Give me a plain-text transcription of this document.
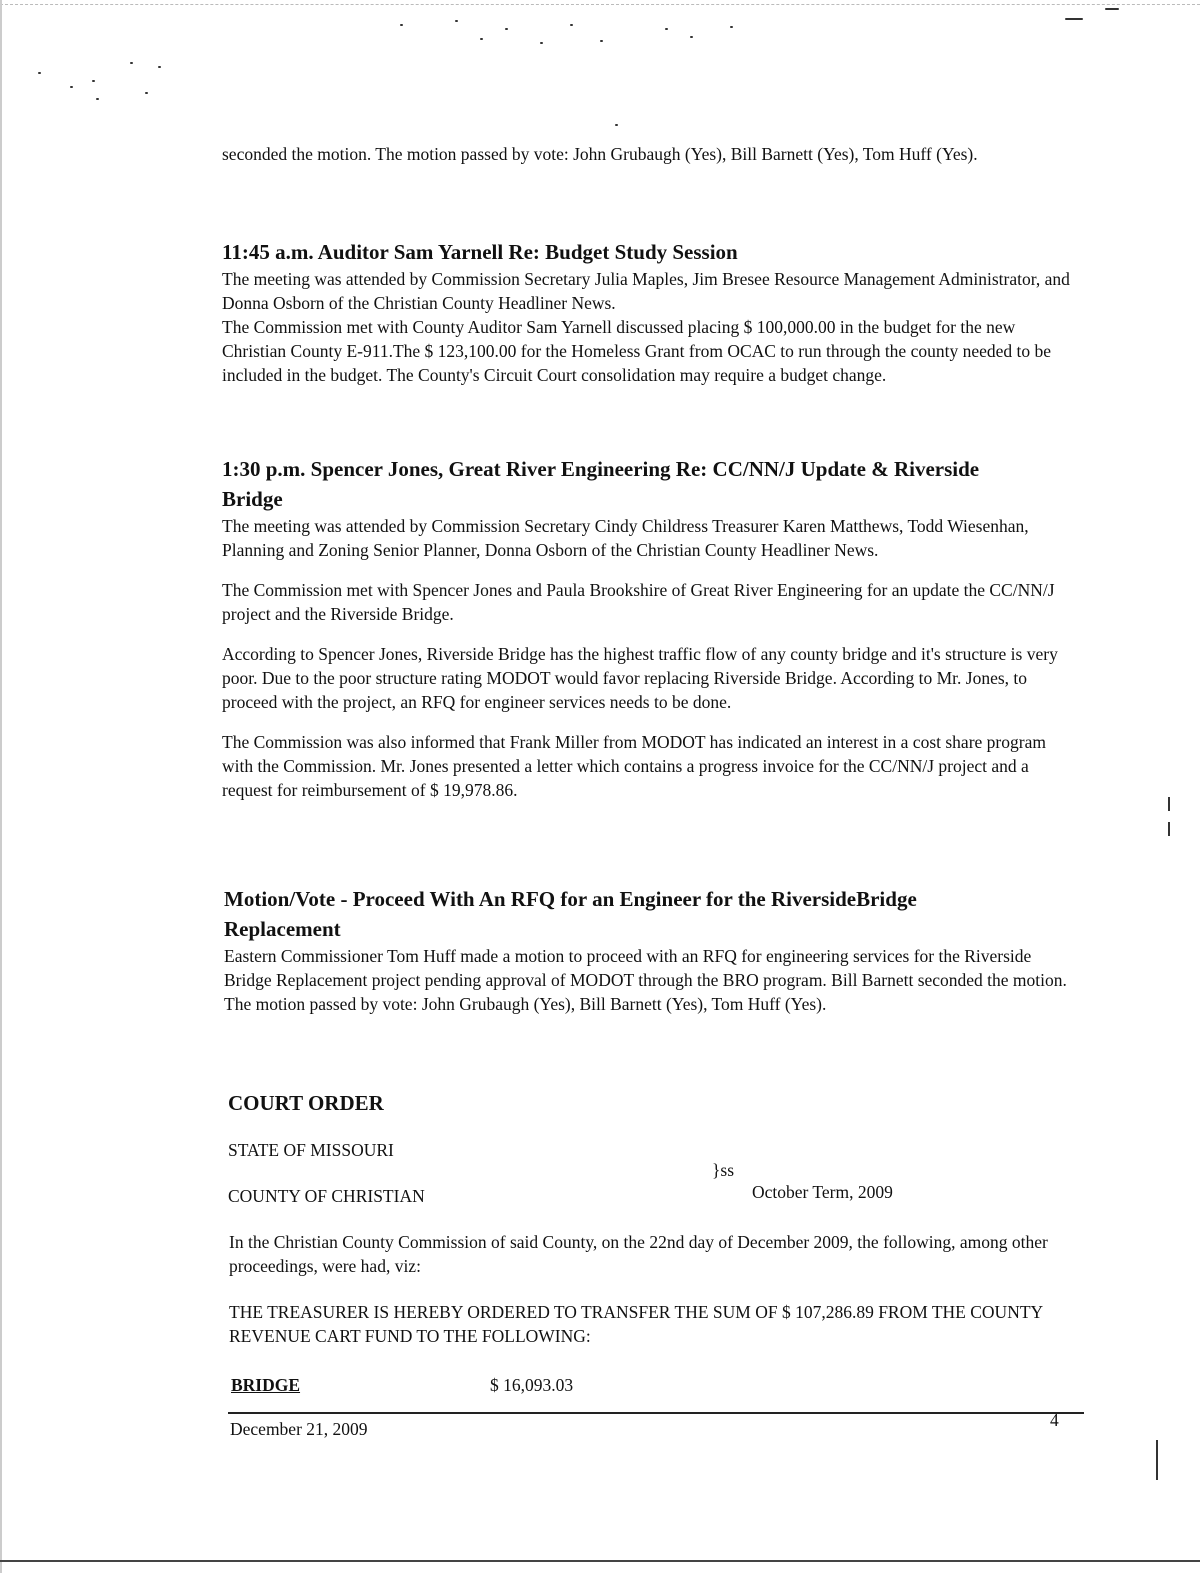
seconded the motion. The motion passed by vote: John Grubaugh (Yes), Bill Barnett (Yes), Tom Huff (Yes).

11:45 a.m. Auditor Sam Yarnell Re: Budget Study Session

The meeting was attended by Commission Secretary Julia Maples, Jim Bresee Resource Management Administrator, and Donna Osborn of the Christian County Headliner News.

The Commission met with County Auditor Sam Yarnell discussed placing $ 100,000.00 in the budget for the new Christian County E-911.The $ 123,100.00 for the Homeless Grant from OCAC to run through the county needed to be included in the budget. The County's Circuit Court consolidation may require a budget change.

1:30 p.m. Spencer Jones, Great River Engineering Re: CC/NN/J Update & Riverside Bridge

The meeting was attended by Commission Secretary Cindy Childress Treasurer Karen Matthews, Todd Wiesenhan, Planning and Zoning Senior Planner, Donna Osborn of the Christian County Headliner News.

The Commission met with Spencer Jones and Paula Brookshire of Great River Engineering for an update the CC/NN/J project and the Riverside Bridge.

According to Spencer Jones, Riverside Bridge has the highest traffic flow of any county bridge and it's structure is very poor. Due to the poor structure rating MODOT would favor replacing Riverside Bridge. According to Mr. Jones, to proceed with the project, an RFQ for engineer services needs to be done.

The Commission was also informed that Frank Miller from MODOT has indicated an interest in a cost share program with the Commission. Mr. Jones presented a letter which contains a progress invoice for the CC/NN/J project and a request for reimbursement of $ 19,978.86.

Motion/Vote - Proceed With An RFQ for an Engineer for the RiversideBridge Replacement

Eastern Commissioner Tom Huff made a motion to proceed with an RFQ for engineering services for the Riverside Bridge Replacement project pending approval of MODOT through the BRO program. Bill Barnett seconded the motion. The motion passed by vote: John Grubaugh (Yes), Bill Barnett (Yes), Tom Huff (Yes).

COURT ORDER

STATE OF MISSOURI
}ss
COUNTY OF CHRISTIAN	October Term, 2009

In the Christian County Commission of said County, on the 22nd day of December 2009, the following, among other proceedings, were had, viz:

THE TREASURER IS HEREBY ORDERED TO TRANSFER THE SUM OF $ 107,286.89 FROM THE COUNTY REVENUE CART FUND TO THE FOLLOWING:

BRIDGE	$ 16,093.03
December 21, 2009	4
